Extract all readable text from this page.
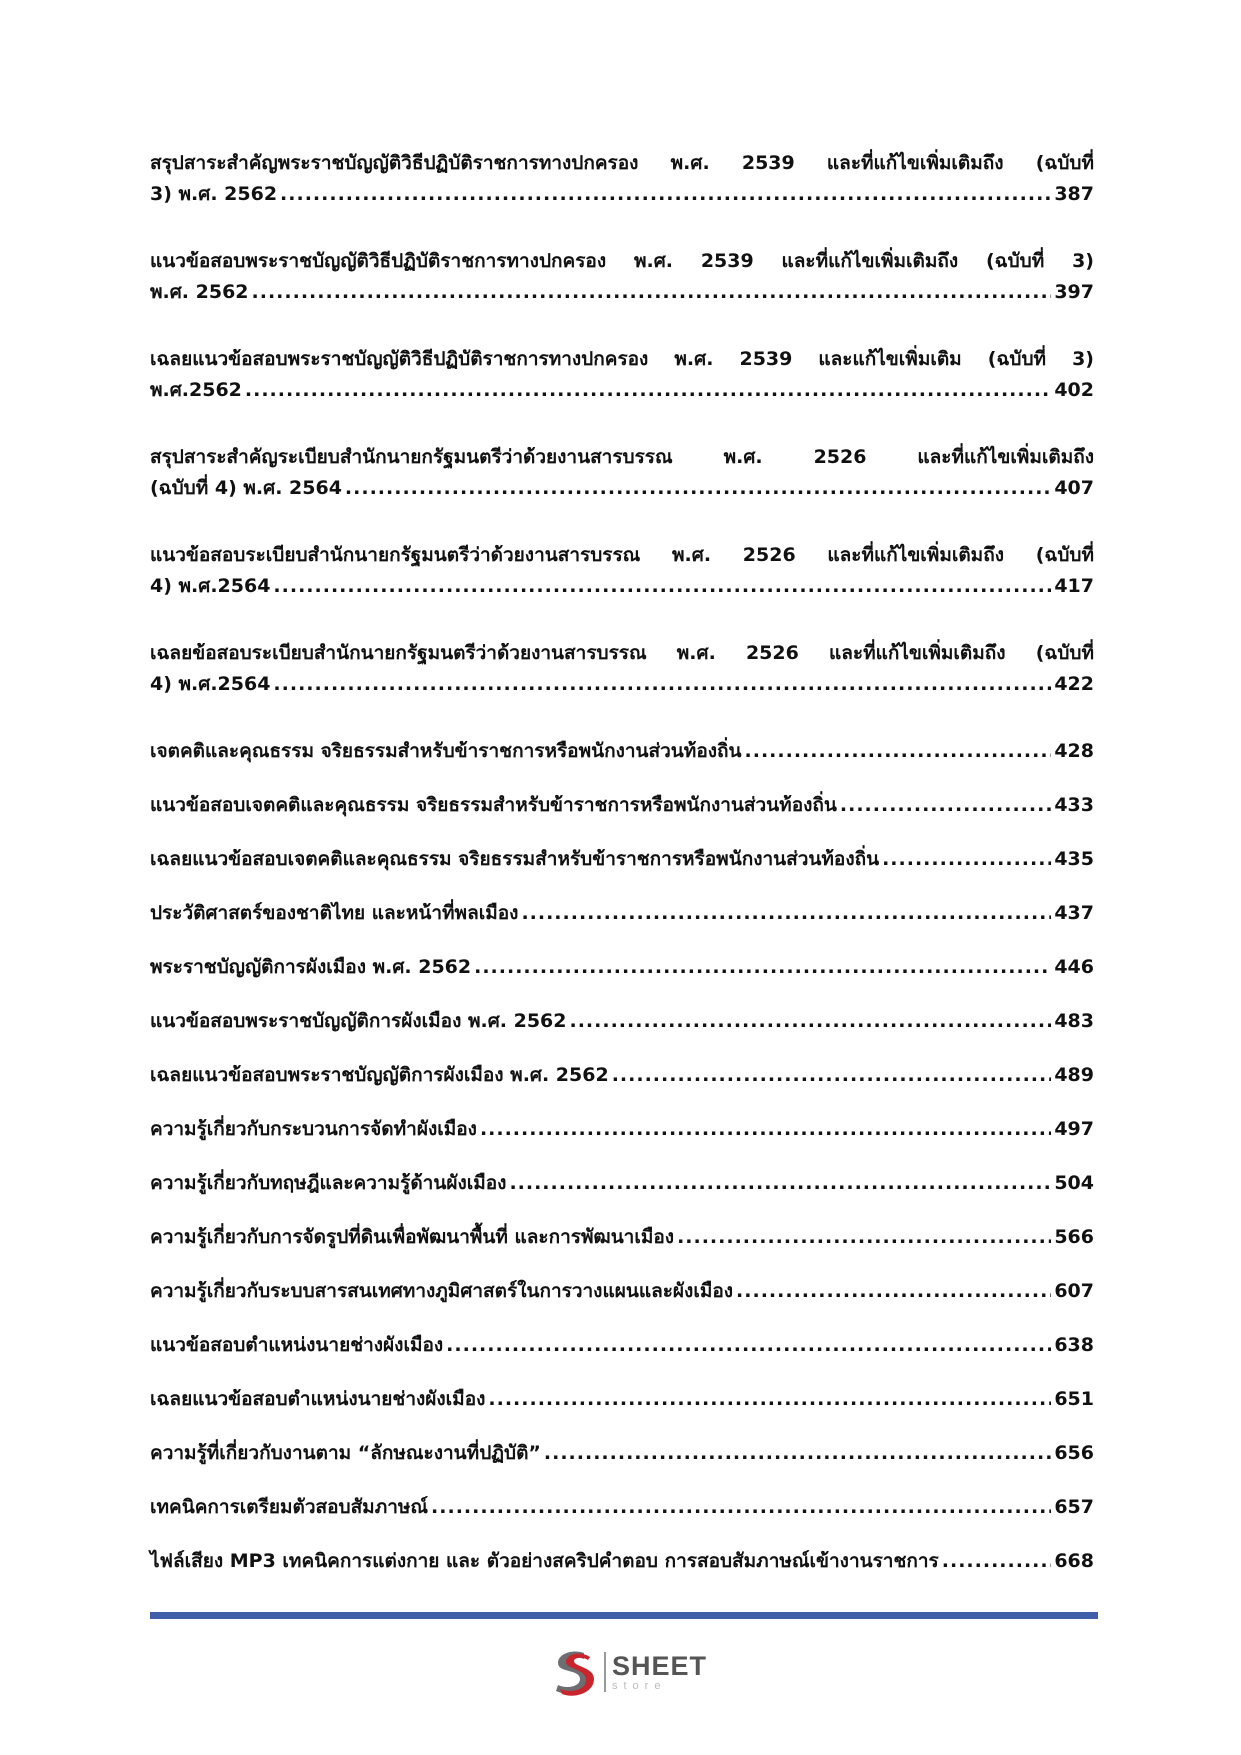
สรุปสาระสำคัญพระราชบัญญัติวิธีปฏิบัติราชการทางปกครอง พ.ศ. 2539 และที่แก้ไขเพิ่มเติมถึง (ฉบับที่
3) พ.ศ. 2562 .....	387
แนวข้อสอบพระราชบัญญัติวิธีปฏิบัติราชการทางปกครอง พ.ศ. 2539 และที่แก้ไขเพิ่มเติมถึง (ฉบับที่ 3)
พ.ศ. 2562 .....	397
เฉลยแนวข้อสอบพระราชบัญญัติวิธีปฏิบัติราชการทางปกครอง พ.ศ. 2539 และแก้ไขเพิ่มเติม (ฉบับที่ 3)
พ.ศ.2562 .....	402
สรุปสาระสำคัญระเบียบสำนักนายกรัฐมนตรีว่าด้วยงานสารบรรณ พ.ศ. 2526 และที่แก้ไขเพิ่มเติมถึง
(ฉบับที่ 4) พ.ศ. 2564 .....	407
แนวข้อสอบระเบียบสำนักนายกรัฐมนตรีว่าด้วยงานสารบรรณ พ.ศ. 2526 และที่แก้ไขเพิ่มเติมถึง (ฉบับที่
4) พ.ศ.2564 .....	417
เฉลยข้อสอบระเบียบสำนักนายกรัฐมนตรีว่าด้วยงานสารบรรณ พ.ศ. 2526 และที่แก้ไขเพิ่มเติมถึง (ฉบับที่
4) พ.ศ.2564 .....	422
เจตคติและคุณธรรม จริยธรรมสำหรับข้าราชการหรือพนักงานส่วนท้องถิ่น .....	428
แนวข้อสอบเจตคติและคุณธรรม จริยธรรมสำหรับข้าราชการหรือพนักงานส่วนท้องถิ่น .....	433
เฉลยแนวข้อสอบเจตคติและคุณธรรม จริยธรรมสำหรับข้าราชการหรือพนักงานส่วนท้องถิ่น .....	435
ประวัติศาสตร์ของชาติไทย และหน้าที่พลเมือง .....	437
พระราชบัญญัติการผังเมือง พ.ศ. 2562 .....	446
แนวข้อสอบพระราชบัญญัติการผังเมือง พ.ศ. 2562 .....	483
เฉลยแนวข้อสอบพระราชบัญญัติการผังเมือง พ.ศ. 2562 .....	489
ความรู้เกี่ยวกับกระบวนการจัดทำผังเมือง .....	497
ความรู้เกี่ยวกับทฤษฎีและความรู้ด้านผังเมือง .....	504
ความรู้เกี่ยวกับการจัดรูปที่ดินเพื่อพัฒนาพื้นที่ และการพัฒนาเมือง .....	566
ความรู้เกี่ยวกับระบบสารสนเทศทางภูมิศาสตร์ในการวางแผนและผังเมือง .....	607
แนวข้อสอบตำแหน่งนายช่างผังเมือง .....	638
เฉลยแนวข้อสอบตำแหน่งนายช่างผังเมือง .....	651
ความรู้ที่เกี่ยวกับงานตาม “ลักษณะงานที่ปฏิบัติ” .....	656
เทคนิคการเตรียมตัวสอบสัมภาษณ์ .....	657
ไฟล์เสียง MP3 เทคนิคการแต่งกาย และ ตัวอย่างสคริปคำตอบ การสอบสัมภาษณ์เข้างานราชการ .....	668
SHEET
store
